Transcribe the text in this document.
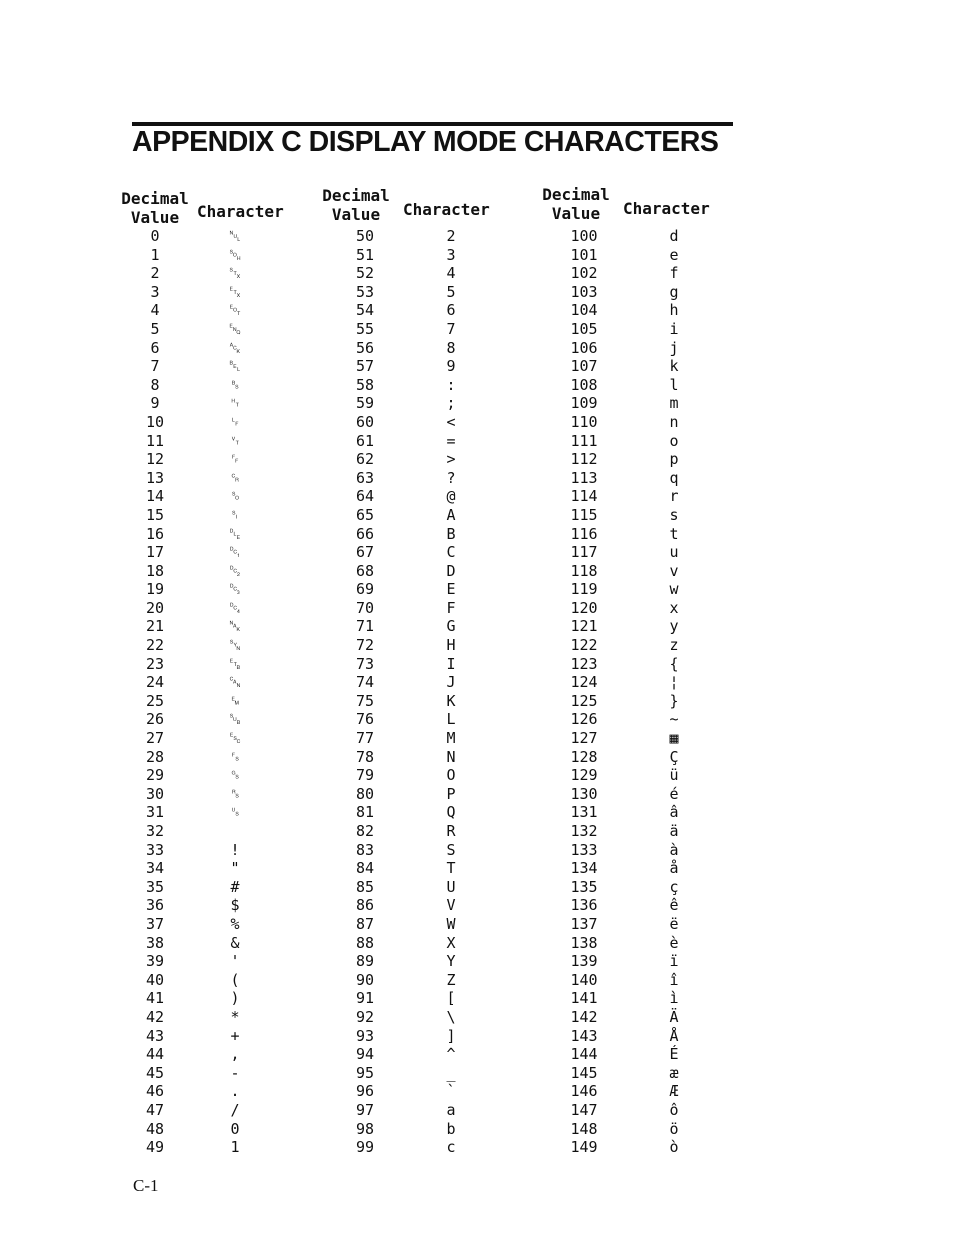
APPENDIX C DISPLAY MODE CHARACTERS
Decimal
Value	Character
0	␀
1	␁
2	␂
3	␃
4	␄
5	␅
6	␆
7	␇
8	␈
9	␉
10	␊
11	␋
12	␌
13	␍
14	␎
15	␏
16	␐
17	␑
18	␒
19	␓
20	␔
21	␕
22	␖
23	␗
24	␘
25	␙
26	␚
27	␛
28	␜
29	␝
30	␞
31	␟
32
33	!
34	"
35	#
36	$
37	%
38	&
39	'
40	(
41	)
42	*
43	+
44	,
45	-
46	.
47	/
48	0
49	1
Decimal
Value	Character
50	2
51	3
52	4
53	5
54	6
55	7
56	8
57	9
58	:
59	;
60	<
61	=
62	>
63	?
64	@
65	A
66	B
67	C
68	D
69	E
70	F
71	G
72	H
73	I
74	J
75	K
76	L
77	M
78	N
79	O
80	P
81	Q
82	R
83	S
84	T
85	U
86	V
87	W
88	X
89	Y
90	Z
91	[
92	\
93	]
94	^
95	_
96	`
97	a
98	b
99	c
Decimal
Value	Character
100	d
101	e
102	f
103	g
104	h
105	i
106	j
107	k
108	l
109	m
110	n
111	o
112	p
113	q
114	r
115	s
116	t
117	u
118	v
119	w
120	x
121	y
122	z
123	{
124	¦
125	}
126	~
127	▦
128	Ç
129	ü
130	é
131	â
132	ä
133	à
134	å
135	ç
136	ê
137	ë
138	è
139	ï
140	î
141	ì
142	Ä
143	Å
144	É
145	æ
146	Æ
147	ô
148	ö
149	ò
C-1
